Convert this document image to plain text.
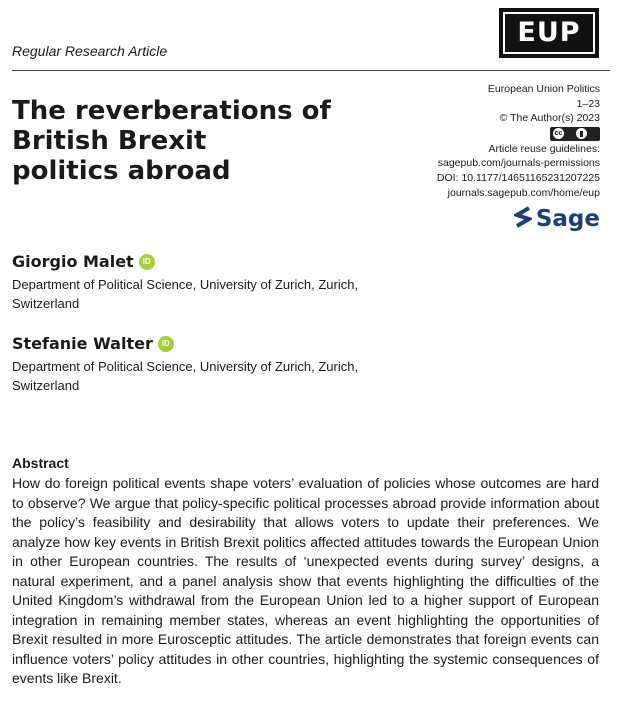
Regular Research Article
EUP
The reverberations of
British Brexit
politics abroad
European Union Politics
1–23
© The Author(s) 2023
cc
Article reuse guidelines:
sagepub.com/journals-permissions
DOI: 10.1177/14651165231207225
journals.sagepub.com/home/eup
Sage
Giorgio Malet	iD
Department of Political Science, University of Zurich, Zurich,
Switzerland
Stefanie Walter	iD
Department of Political Science, University of Zurich, Zurich,
Switzerland
Abstract
How do foreign political events shape voters’ evaluation of policies whose outcomes are hard to observe? We argue that policy-specific political processes abroad provide information about the policy’s feasibility and desirability that allows voters to update their preferences. We analyze how key events in British Brexit politics affected attitudes towards the European Union in other European countries. The results of ‘unexpected events during survey’ designs, a natural experiment, and a panel analysis show that events highlighting the difficulties of the United Kingdom’s withdrawal from the European Union led to a higher support of European integration in remaining member states, whereas an event highlighting the opportunities of Brexit resulted in more Eurosceptic attitudes. The article demonstrates that foreign events can influence voters’ policy attitudes in other countries, highlighting the systemic consequences of events like Brexit.
